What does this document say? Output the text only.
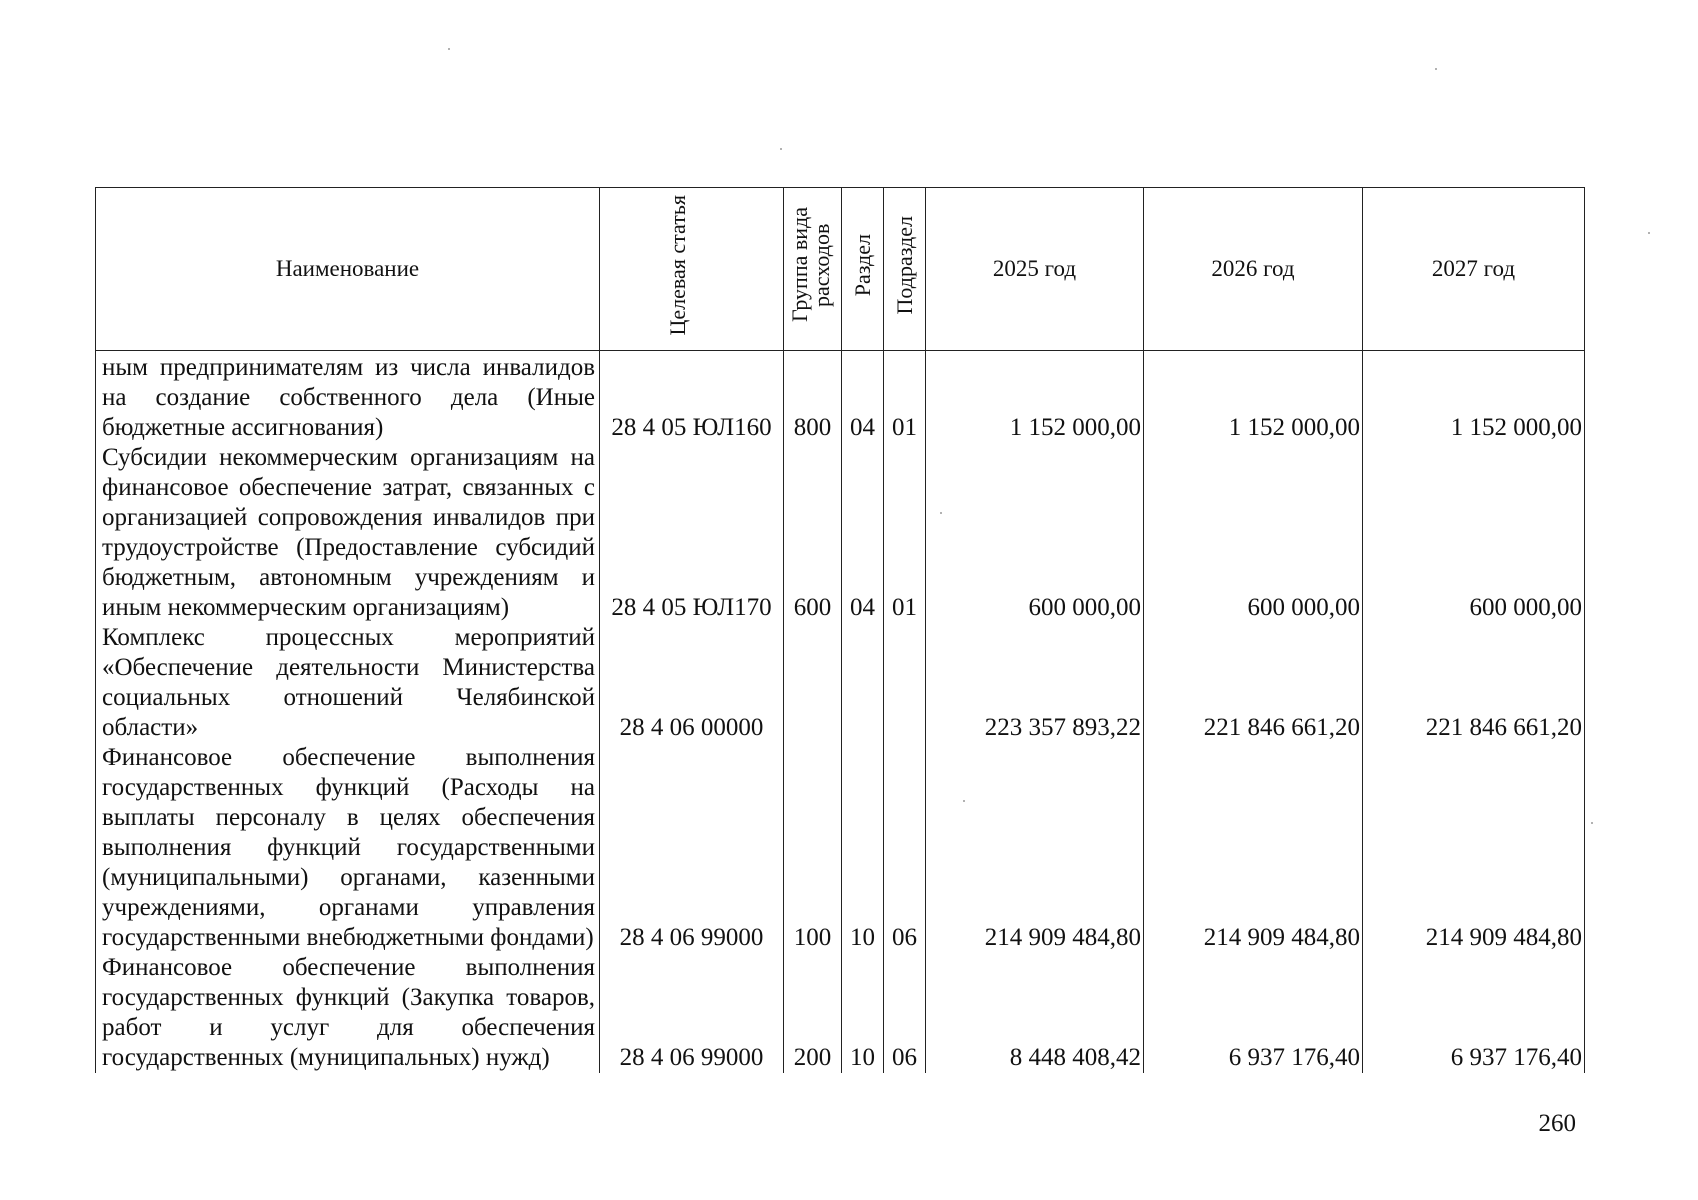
Наименование	Целевая статья	Группа вида расходов	Раздел	Подраздел	2025 год	2026 год	2027 год
ным предпринимателям из числа инвалидов на создание собственного дела (Иные бюджетные ассигнования)	28 4 05 ЮЛ160	800	04	01	1 152 000,00	1 152 000,00	1 152 000,00
Субсидии некоммерческим организациям на финансовое обеспечение затрат, связанных с организацией сопровождения инвалидов при трудоустройстве (Предоставление субсидий бюджетным, автономным учреждениям и иным некоммерческим организациям)	28 4 05 ЮЛ170	600	04	01	600 000,00	600 000,00	600 000,00
Комплекс процессных мероприятий «Обеспечение деятельности Министерства социальных отношений Челябинской области»	28 4 06 00000				223 357 893,22	221 846 661,20	221 846 661,20
Финансовое обеспечение выполнения государственных функций (Расходы на выплаты персоналу в целях обеспечения выполнения функций государственными (муниципальными) органами, казенными учреждениями, органами управления государственными внебюджетными фондами)	28 4 06 99000	100	10	06	214 909 484,80	214 909 484,80	214 909 484,80
Финансовое обеспечение выполнения государственных функций (Закупка товаров, работ и услуг для обеспечения государственных (муниципальных) нужд)	28 4 06 99000	200	10	06	8 448 408,42	6 937 176,40	6 937 176,40
260
